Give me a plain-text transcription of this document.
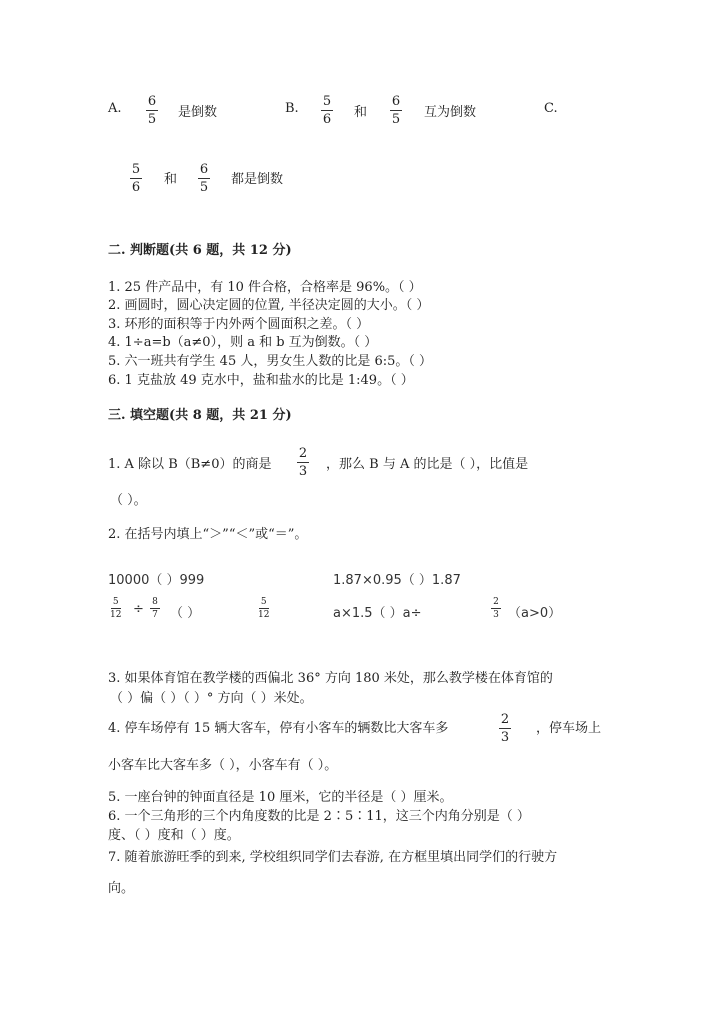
A. 6
5 是倒数	B. 5
6 和
6
5 互为倒数	C.
5
6
和
6
5
都是倒数
二. 判断题(共 6 题，共 12 分)
1. 25 件产品中，有 10 件合格，合格率是 96%。（ ）
2. 画圆时，圆心决定圆的位置, 半径决定圆的大小。（ ）
3. 环形的面积等于内外两个圆面积之差。（ ）
4. 1÷a=b（a≠0），则 a 和 b 互为倒数。（ ）
5. 六一班共有学生 45 人，男女生人数的比是 6:5。（ ）
6. 1 克盐放 49 克水中，盐和盐水的比是 1:49。（ ）
三. 填空题(共 8 题，共 21 分)
1. A 除以 B（B≠0）的商是
2
3 ，那么 B 与 A 的比是（ ），比值是
（ ）。
2. 在括号内填上“＞”“＜”或“＝”。
10000（ ）999	1.87×0.95（ ）1.87
5
12 ÷ 8
7 （ ）
5
12	a×1.5（ ）a÷
2
3 （a>0）
3. 如果体育馆在教学楼的西偏北 36° 方向 180 米处，那么教学楼在体育馆的
（ ）偏（ ）（ ）° 方向（ ）米处。
4. 停车场停有 15 辆大客车，停有小客车的辆数比大客车多
2
3
，停车场上
小客车比大客车多（ ），小客车有（ ）。
5. 一座台钟的钟面直径是 10 厘米，它的半径是（ ）厘米。
6. 一个三角形的三个内角度数的比是 2∶5∶11，这三个内角分别是（ ）
度、（ ）度和（ ）度。
7. 随着旅游旺季的到来, 学校组织同学们去春游, 在方框里填出同学们的行驶方
向。
